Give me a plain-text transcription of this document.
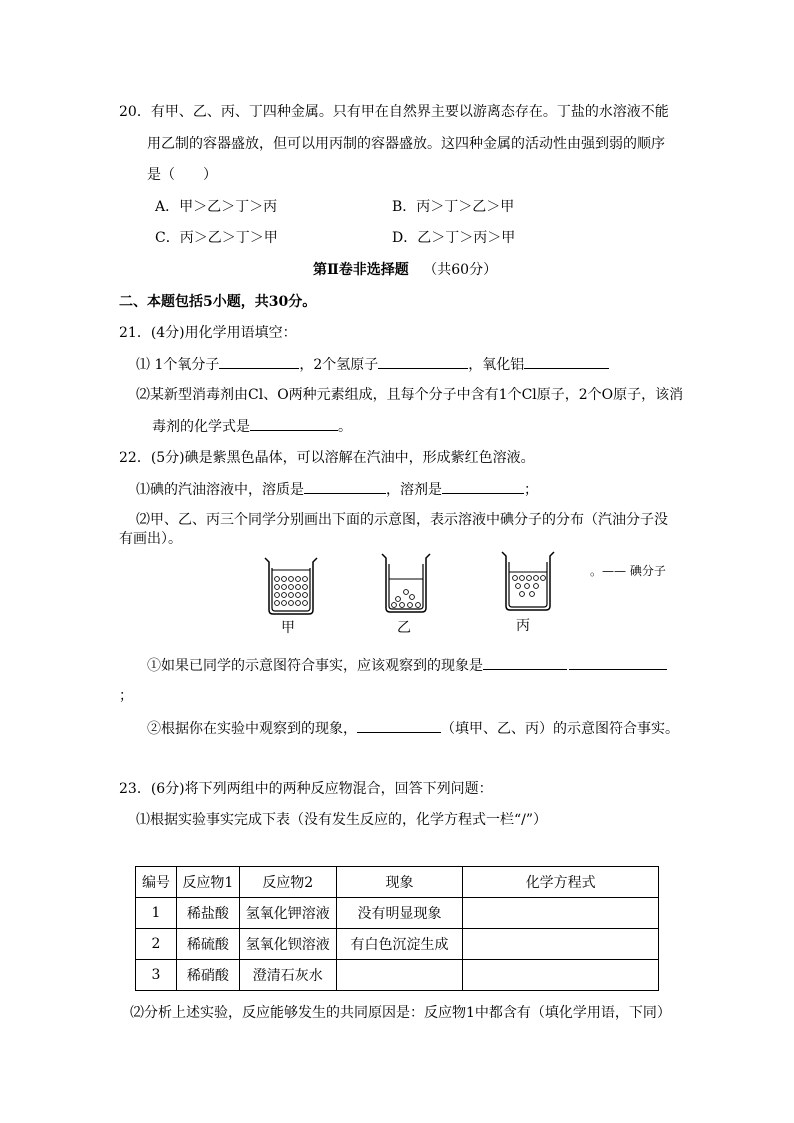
20．有甲、乙、丙、丁四种金属。只有甲在自然界主要以游离态存在。丁盐的水溶液不能
用乙制的容器盛放，但可以用丙制的容器盛放。这四种金属的活动性由强到弱的顺序
是（　　）
A．甲＞乙＞丁＞丙	B．丙＞丁＞乙＞甲
C．丙＞乙＞丁＞甲	D．乙＞丁＞丙＞甲
第Ⅱ卷非选择题 （共60分）
二、本题包括5小题，共30分。
21．(4分)用化学用语填空：
⑴ 1个氧分子	，2个氢原子	，氧化铝
⑵某新型消毒剂由Cl、O两种元素组成，且每个分子中含有1个Cl原子，2个O原子，该消
毒剂的化学式是	。
22．(5分)碘是紫黑色晶体，可以溶解在汽油中，形成紫红色溶液。
⑴碘的汽油溶液中，溶质是	，溶剂是	；
⑵甲、乙、丙三个同学分别画出下面的示意图，表示溶液中碘分子的分布（汽油分子没
有画出）。
甲	乙	丙
。—— 碘分子
①如果已同学的示意图符合事实，应该观察到的现象是
；
②根据你在实验中观察到的现象，	（填甲、乙、丙）的示意图符合事实。
23．(6分)将下列两组中的两种反应物混合，回答下列问题：
⑴根据实验事实完成下表（没有发生反应的，化学方程式一栏“/”）
编号	反应物1	反应物2	现象	化学方程式
1	稀盐酸	氢氧化钾溶液	没有明显现象	
2	稀硫酸	氢氧化钡溶液	有白色沉淀生成	
3	稀硝酸	澄清石灰水		
⑵分析上述实验，反应能够发生的共同原因是：反应物1中都含有（填化学用语，下同）
